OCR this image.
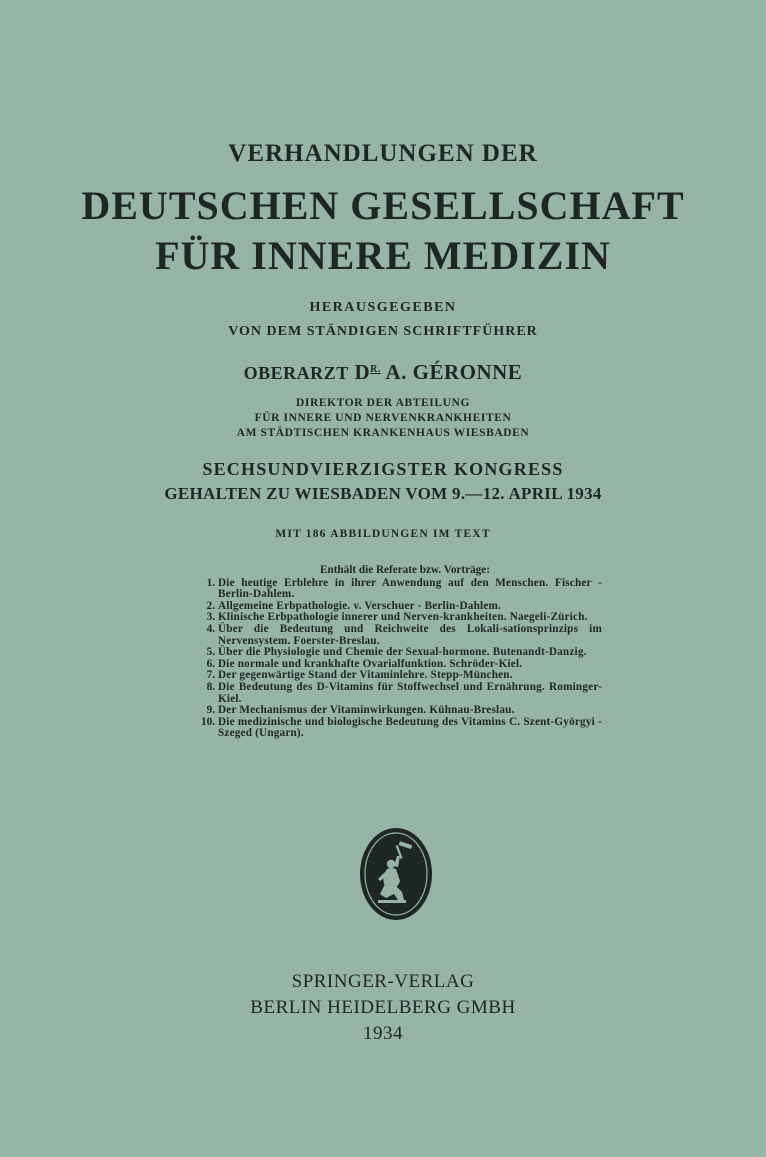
VERHANDLUNGEN DER
DEUTSCHEN GESELLSCHAFT
FÜR INNERE MEDIZIN
HERAUSGEGEBEN
VON DEM STÄNDIGEN SCHRIFTFÜHRER
OBERARZT $D^{R.}$ A. GÉRONNE
DIREKTOR DER ABTEILUNG
FÜR INNERE UND NERVENKRANKHEITEN
AM STÄDTISCHEN KRANKENHAUS WIESBADEN
SECHSUNDVIERZIGSTER KONGRESS
GEHALTEN ZU WIESBADEN VOM 9.—12. APRIL 1934
MIT 186 ABBILDUNGEN IM TEXT
Enthält die Referate bzw. Vorträge:
1. Die heutige Erblehre in ihrer Anwendung auf den Menschen. Fischer - Berlin-Dahlem.
2. Allgemeine Erbpathologie. v. Verschuer - Berlin-Dahlem.
3. Klinische Erbpathologie innerer und Nerven-krankheiten. Naegeli-Zürich.
4. Über die Bedeutung und Reichweite des Lokali-sationsprinzips im Nervensystem. Foerster-Breslau.
5. Über die Physiologie und Chemie der Sexual-hormone. Butenandt-Danzig.
6. Die normale und krankhafte Ovarialfunktion. Schröder-Kiel.
7. Der gegenwärtige Stand der Vitaminlehre. Stepp-München.
8. Die Bedeutung des D-Vitamins für Stoffwechsel und Ernährung. Rominger-Kiel.
9. Der Mechanismus der Vitaminwirkungen. Kühnau-Breslau.
10. Die medizinische und biologische Bedeutung des Vitamins C. Szent-Györgyi - Szeged (Ungarn).
SPRINGER-VERLAG
BERLIN HEIDELBERG GMBH
1934
